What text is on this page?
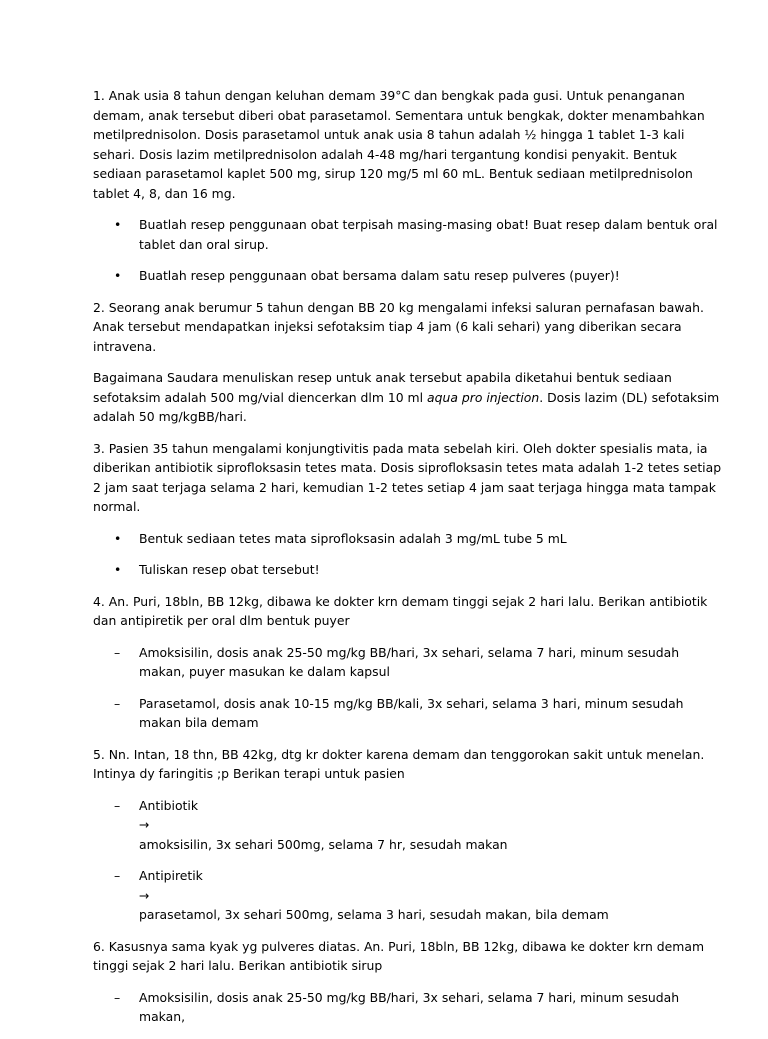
1. Anak usia 8 tahun dengan keluhan demam 39°C dan bengkak pada gusi. Untuk penanganan
demam, anak tersebut diberi obat parasetamol. Sementara untuk bengkak, dokter menambahkan
metilprednisolon. Dosis parasetamol untuk anak usia 8 tahun adalah ½ hingga 1 tablet 1-3 kali
sehari. Dosis lazim metilprednisolon adalah 4-48 mg/hari tergantung kondisi penyakit. Bentuk
sediaan parasetamol kaplet 500 mg, sirup 120 mg/5 ml 60 mL. Bentuk sediaan metilprednisolon
tablet 4, 8, dan 16 mg.

• Buatlah resep penggunaan obat terpisah masing-masing obat! Buat resep dalam bentuk oral
tablet dan oral sirup.
• Buatlah resep penggunaan obat bersama dalam satu resep pulveres (puyer)!

2. Seorang anak berumur 5 tahun dengan BB 20 kg mengalami infeksi saluran pernafasan bawah.
Anak tersebut mendapatkan injeksi sefotaksim tiap 4 jam (6 kali sehari) yang diberikan secara
intravena.

Bagaimana Saudara menuliskan resep untuk anak tersebut apabila diketahui bentuk sediaan
sefotaksim adalah 500 mg/vial diencerkan dlm 10 ml aqua pro injection. Dosis lazim (DL) sefotaksim
adalah 50 mg/kgBB/hari.

3. Pasien 35 tahun mengalami konjungtivitis pada mata sebelah kiri. Oleh dokter spesialis mata, ia
diberikan antibiotik siprofloksasin tetes mata. Dosis siprofloksasin tetes mata adalah 1-2 tetes setiap
2 jam saat terjaga selama 2 hari, kemudian 1-2 tetes setiap 4 jam saat terjaga hingga mata tampak
normal.

• Bentuk sediaan tetes mata siprofloksasin adalah 3 mg/mL tube 5 mL
• Tuliskan resep obat tersebut!

4. An. Puri, 18bln, BB 12kg, dibawa ke dokter krn demam tinggi sejak 2 hari lalu. Berikan antibiotik
dan antipiretik per oral dlm bentuk puyer

– Amoksisilin, dosis anak 25-50 mg/kg BB/hari, 3x sehari, selama 7 hari, minum sesudah
makan, puyer masukan ke dalam kapsul
– Parasetamol, dosis anak 10-15 mg/kg BB/kali, 3x sehari, selama 3 hari, minum sesudah
makan bila demam

5. Nn. Intan, 18 thn, BB 42kg, dtg kr dokter karena demam dan tenggorokan sakit untuk menelan.
Intinya dy faringitis ;p Berikan terapi untuk pasien

– Antibiotik
→
amoksisilin, 3x sehari 500mg, selama 7 hr, sesudah makan
– Antipiretik
→
parasetamol, 3x sehari 500mg, selama 3 hari, sesudah makan, bila demam

6. Kasusnya sama kyak yg pulveres diatas. An. Puri, 18bln, BB 12kg, dibawa ke dokter krn demam
tinggi sejak 2 hari lalu. Berikan antibiotik sirup

– Amoksisilin, dosis anak 25-50 mg/kg BB/hari, 3x sehari, selama 7 hari, minum sesudah
makan,
